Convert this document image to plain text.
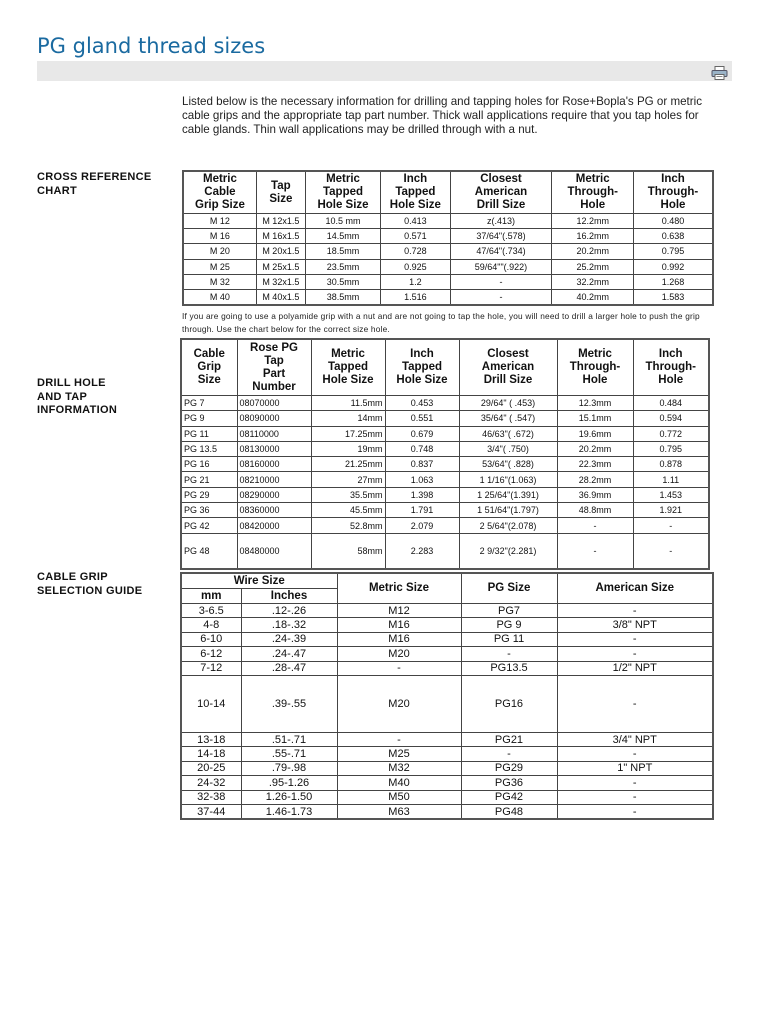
PG gland thread sizes
Listed below is the necessary information for drilling and tapping holes for Rose+Bopla's PG or metric cable grips and the appropriate tap part number. Thick wall applications require that you tap holes for cable glands. Thin wall applications may be drilled through with a nut.
CROSS REFERENCE
CHART
DRILL HOLE
AND TAP
INFORMATION
CABLE GRIP
SELECTION GUIDE
Metric
Cable
Grip Size	Tap
Size	Metric
Tapped
Hole Size	Inch
Tapped
Hole Size	Closest
American
Drill Size	Metric
Through-
Hole	Inch
Through-
Hole
M 12	M 12x1.5	10.5 mm	0.413	z(.413)	12.2mm	0.480
M 16	M 16x1.5	14.5mm	0.571	37/64"(.578)	16.2mm	0.638
M 20	M 20x1.5	18.5mm	0.728	47/64"(.734)	20.2mm	0.795
M 25	M 25x1.5	23.5mm	0.925	59/64""(.922)	25.2mm	0.992
M 32	M 32x1.5	30.5mm	1.2	-	32.2mm	1.268
M 40	M 40x1.5	38.5mm	1.516	-	40.2mm	1.583
If you are going to use a polyamide grip with a nut and are not going to tap the hole, you will need to drill a larger hole to push the grip through. Use the chart below for the correct size hole.
Cable
Grip
Size	Rose PG
Tap
Part
Number	Metric
Tapped
Hole Size	Inch
Tapped
Hole Size	Closest
American
Drill Size	Metric
Through-
Hole	Inch
Through-
Hole
PG 7	08070000	11.5mm	0.453	29/64" ( .453)	12.3mm	0.484
PG 9	08090000	14mm	0.551	35/64" ( .547)	15.1mm	0.594
PG 11	08110000	17.25mm	0.679	46/63"( .672)	19.6mm	0.772
PG 13.5	08130000	19mm	0.748	3/4"( .750)	20.2mm	0.795
PG 16	08160000	21.25mm	0.837	53/64"( .828)	22.3mm	0.878
PG 21	08210000	27mm	1.063	1 1/16"(1.063)	28.2mm	1.11
PG 29	08290000	35.5mm	1.398	1 25/64"(1.391)	36.9mm	1.453
PG 36	08360000	45.5mm	1.791	1 51/64"(1.797)	48.8mm	1.921
PG 42	08420000	52.8mm	2.079	2 5/64"(2.078)	-	-
PG 48	08480000	58mm	2.283	2 9/32"(2.281)	-	-
Wire Size		Metric Size	PG Size	American Size
mm	Inches			
3-6.5	.12-.26	M12	PG7	-
4-8	.18-.32	M16	PG 9	3/8" NPT
6-10	.24-.39	M16	PG 11	-
6-12	.24-.47	M20	-	-
7-12	.28-.47	-	PG13.5	1/2" NPT
10-14	.39-.55	M20	PG16	-
13-18	.51-.71	-	PG21	3/4" NPT
14-18	.55-.71	M25	-	-
20-25	.79-.98	M32	PG29	1" NPT
24-32	.95-1.26	M40	PG36	-
32-38	1.26-1.50	M50	PG42	-
37-44	1.46-1.73	M63	PG48	-
